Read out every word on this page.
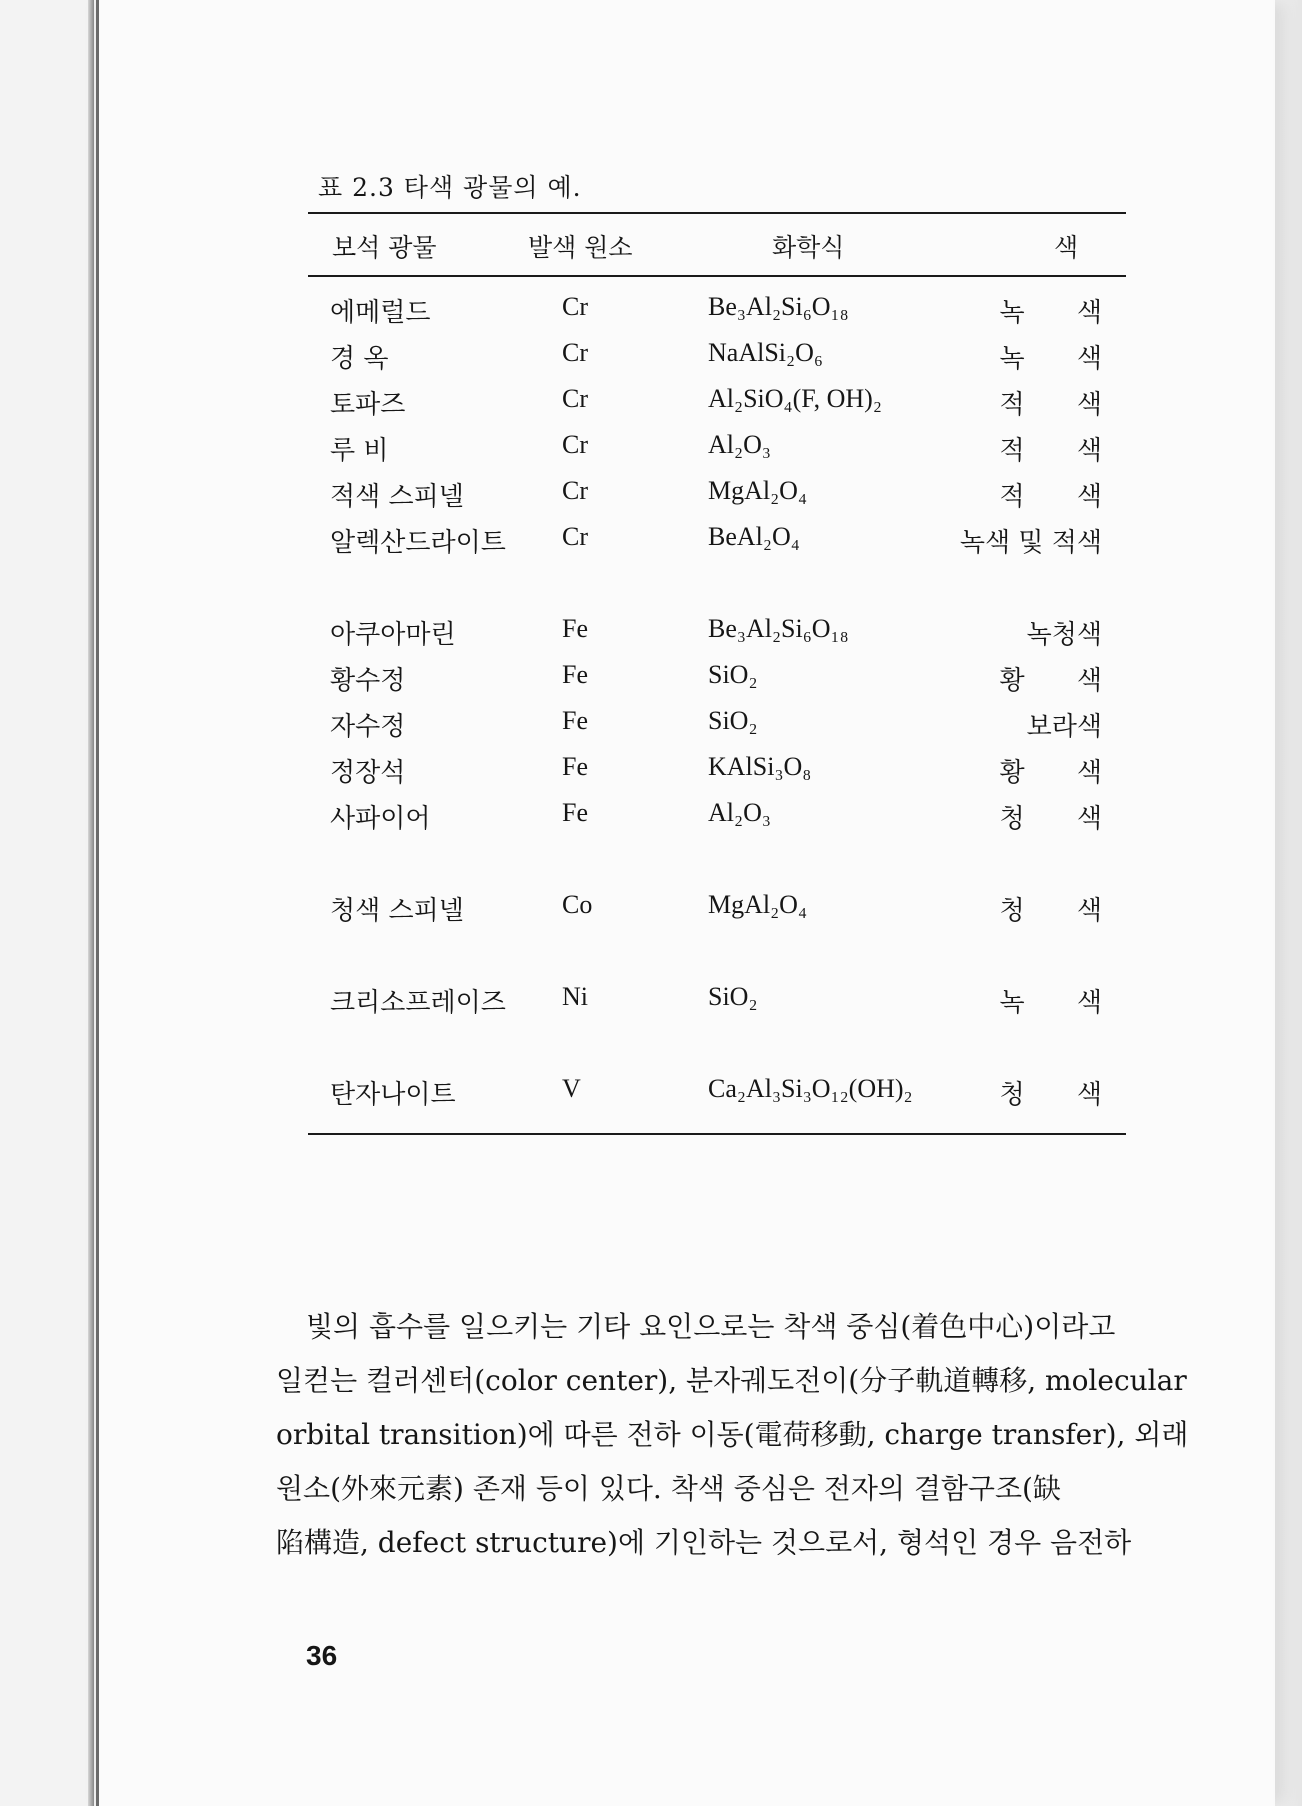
표 2.3 타색 광물의 예.
보석 광물	발색 원소	화학식	색
에메럴드	Cr	Be₃Al₂Si₆O₁₈	녹 색
경 옥	Cr	NaAlSi₂O₆	녹 색
토파즈	Cr	Al₂SiO₄(F, OH)₂	적 색
루 비	Cr	Al₂O₃	적 색
적색 스피넬	Cr	MgAl₂O₄	적 색
알렉산드라이트 Cr	BeAl₂O₄	녹색 및 적색
아쿠아마린	Fe	Be₃Al₂Si₆O₁₈	녹청색
황수정	Fe	SiO₂	황 색
자수정	Fe	SiO₂	보라색
정장석	Fe	KAlSi₃O₈	황 색
사파이어	Fe	Al₂O₃	청 색
청색 스피넬	Co	MgAl₂O₄	청 색
크리소프레이즈 Ni	SiO₂	녹 색
탄자나이트	V	Ca₂Al₃Si₃O₁₂(OH)₂	청 색

빛의 흡수를 일으키는 기타 요인으로는 착색 중심(着色中心)이라고

일컫는 컬러센터(color center), 분자궤도전이(分子軌道轉移, molecular

orbital transition)에 따른 전하 이동(電荷移動, charge transfer), 외래

원소(外來元素) 존재 등이 있다. 착색 중심은 전자의 결함구조(缺

陷構造, defect structure)에 기인하는 것으로서, 형석인 경우 음전하

36
